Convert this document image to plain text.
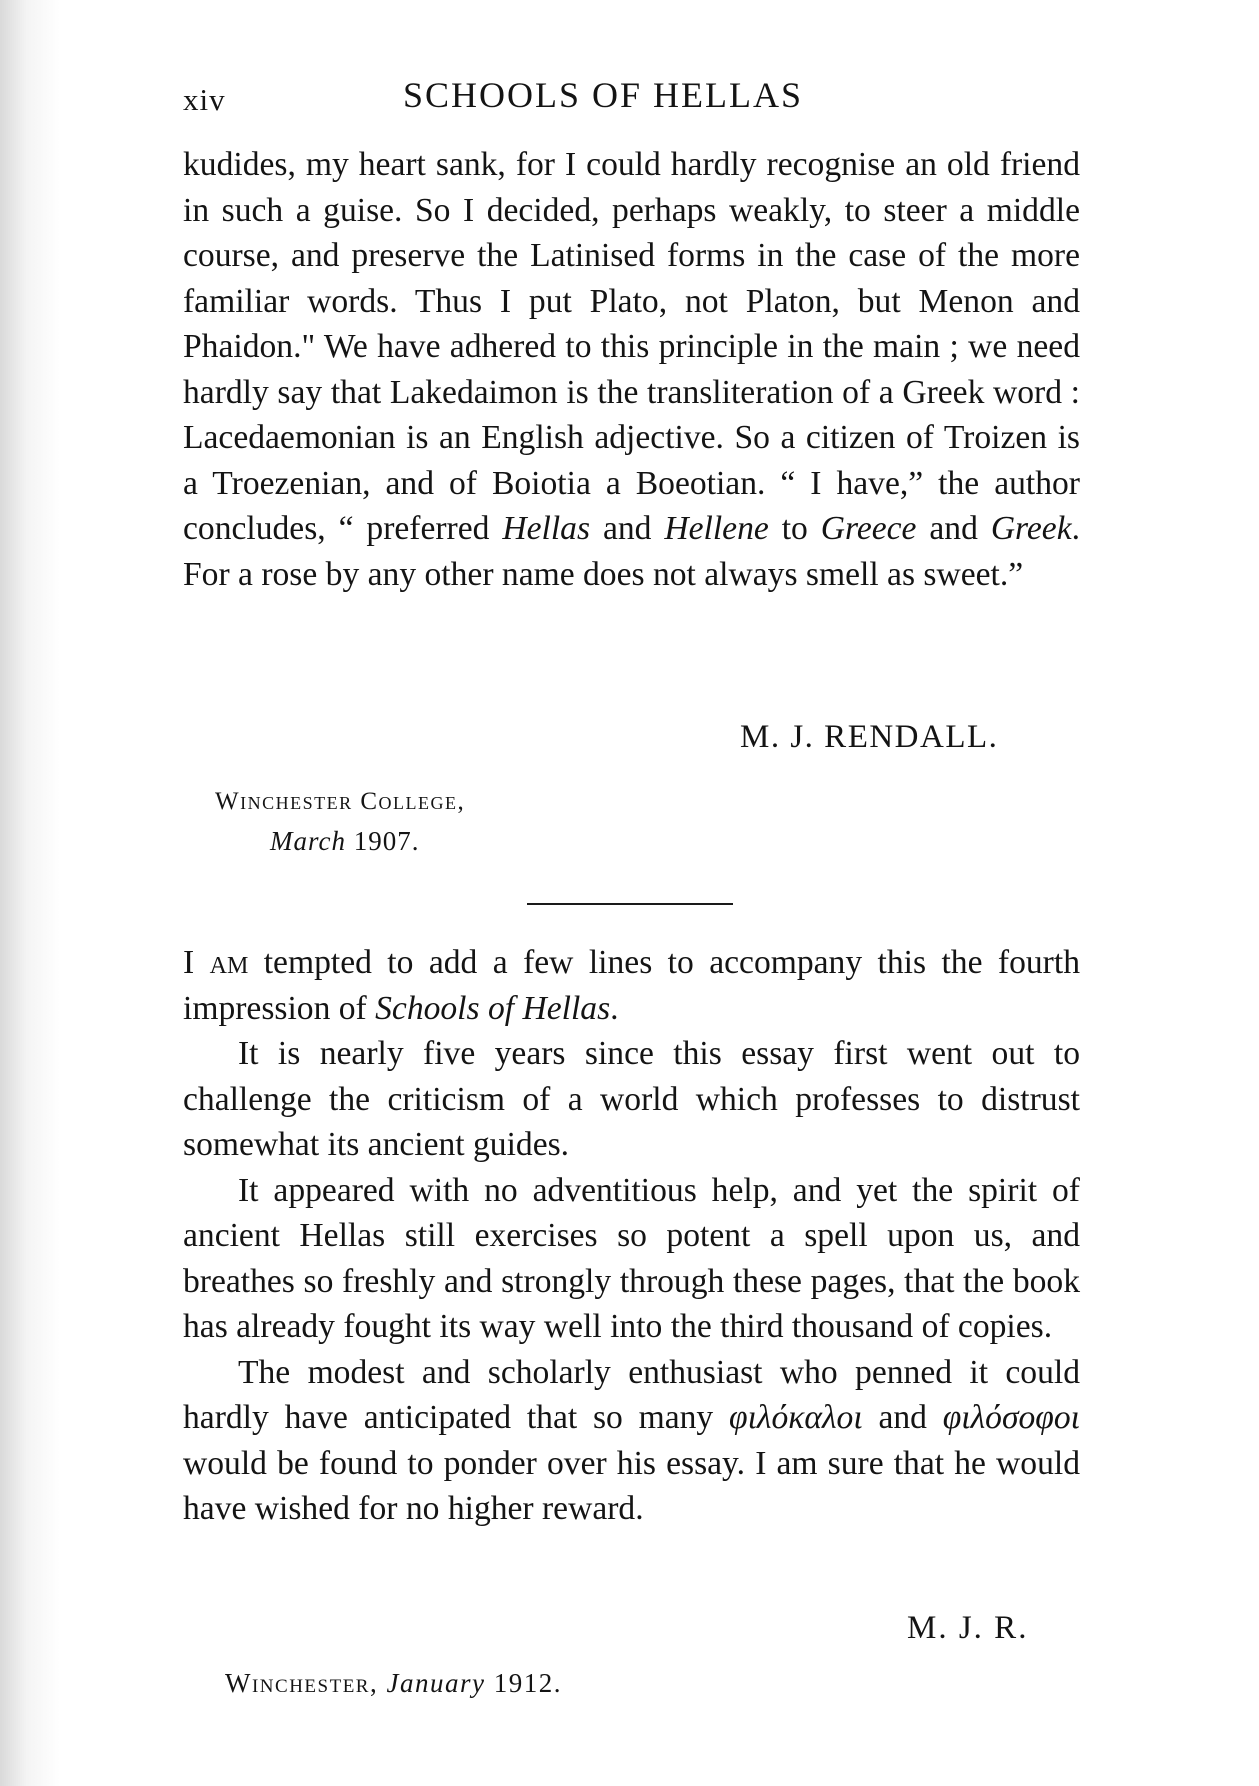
xiv	SCHOOLS OF HELLAS
kudides, my heart sank, for I could hardly recognise an old friend in such a guise. So I decided, perhaps weakly, to steer a middle course, and preserve the Latinised forms in the case of the more familiar words. Thus I put Plato, not Platon, but Menon and Phaidon." We have adhered to this principle in the main ; we need hardly say that Lakedaimon is the transliteration of a Greek word : Lacedaemonian is an English adjective. So a citizen of Troizen is a Troezenian, and of Boiotia a Boeotian. “ I have,” the author concludes, “ preferred Hellas and Hellene to Greece and Greek. For a rose by any other name does not always smell as sweet.”
M. J. RENDALL.
Winchester College,
March 1907.
I am tempted to add a few lines to accompany this the fourth impression of Schools of Hellas.
It is nearly five years since this essay first went out to challenge the criticism of a world which professes to distrust somewhat its ancient guides.
It appeared with no adventitious help, and yet the spirit of ancient Hellas still exercises so potent a spell upon us, and breathes so freshly and strongly through these pages, that the book has already fought its way well into the third thousand of copies.
The modest and scholarly enthusiast who penned it could hardly have anticipated that so many φιλόκαλοι and φιλόσοφοι would be found to ponder over his essay. I am sure that he would have wished for no higher reward.
M. J. R.
Winchester, January 1912.
